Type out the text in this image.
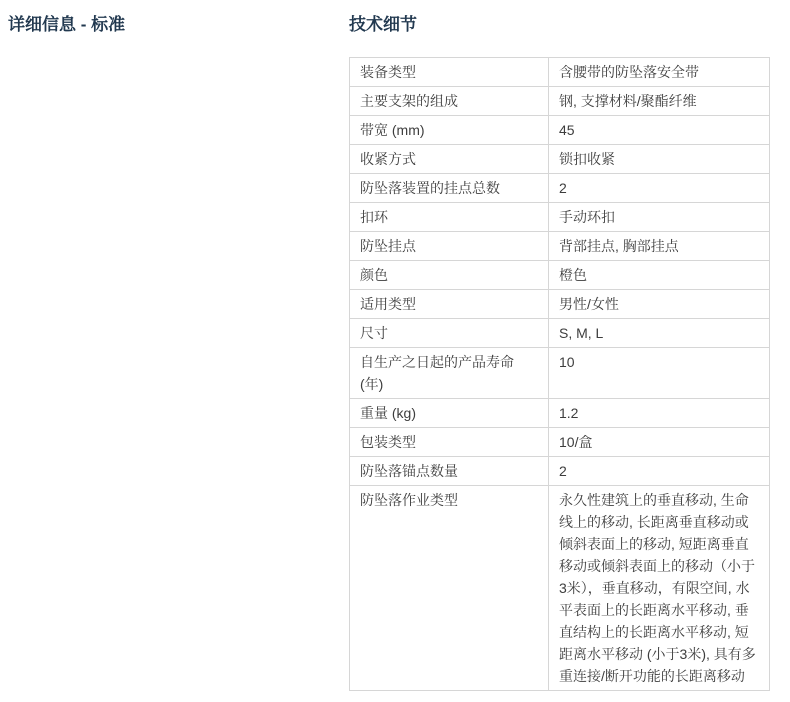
详细信息 - 标准	技术细节
装备类型	含腰带的防坠落安全带
主要支架的组成	钢, 支撑材料/聚酯纤维
带宽 (mm)	45
收紧方式	锁扣收紧
防坠落装置的挂点总数	2
扣环	手动环扣
防坠挂点	背部挂点, 胸部挂点
颜色	橙色
适用类型	男性/女性
尺寸	S, M, L
自生产之日起的产品寿命 (年)	10
重量 (kg)	1.2
包装类型	10/盒
防坠落锚点数量	2
防坠落作业类型	永久性建筑上的垂直移动, 生命线上的移动, 长距离垂直移动或倾斜表面上的移动, 短距离垂直移动或倾斜表面上的移动（小于3米），垂直移动，有限空间, 水平表面上的长距离水平移动, 垂直结构上的长距离水平移动, 短距离水平移动 (小于3米), 具有多重连接/断开功能的长距离移动
